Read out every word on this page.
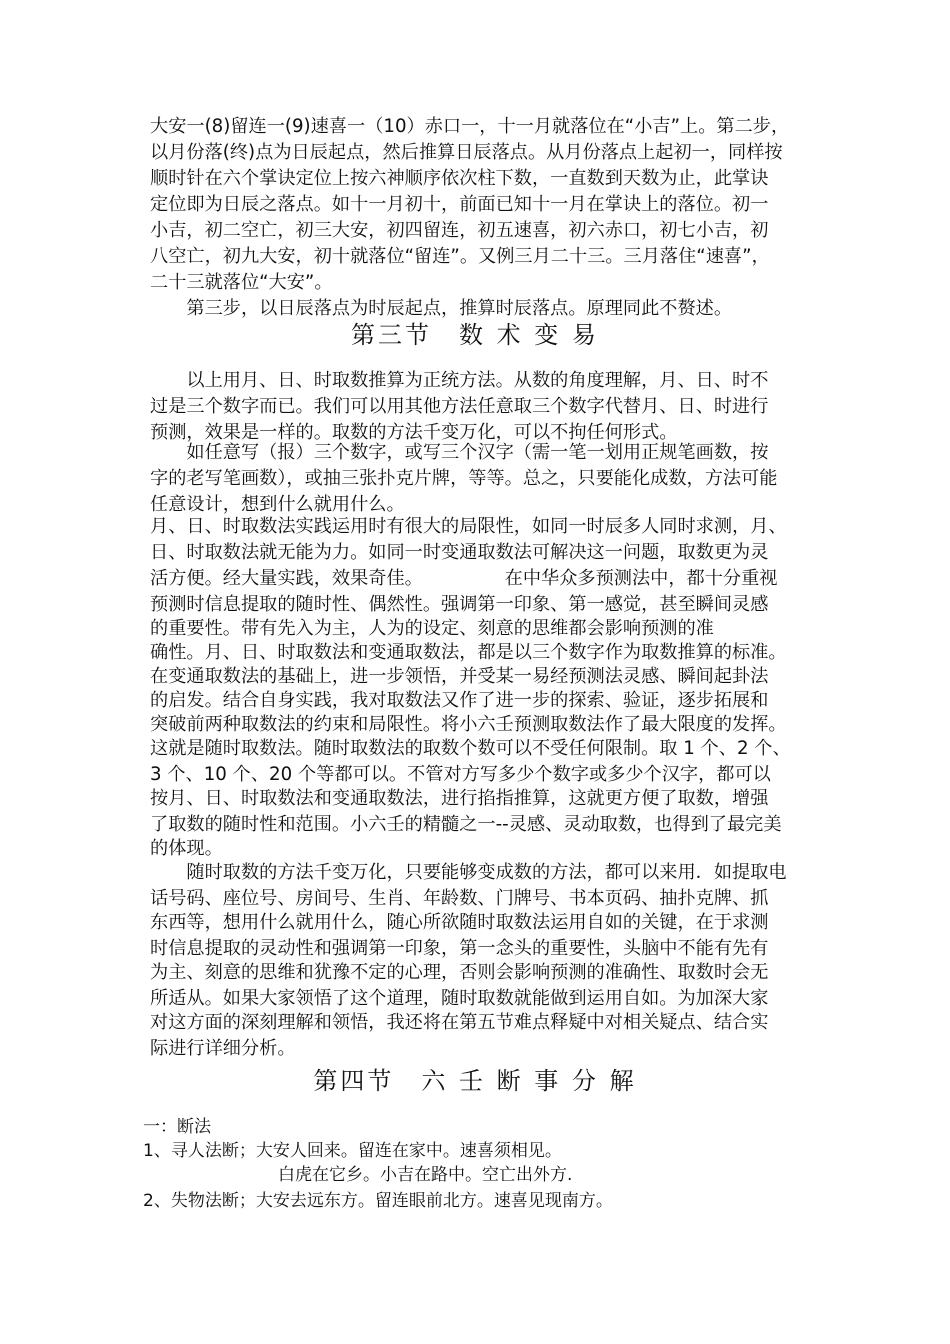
大安一(8)留连一(9)速喜一（10）赤口一，十一月就落位在“小吉”上。第二步，
以月份落(终)点为日辰起点，然后推算日辰落点。从月份落点上起初一，同样按
顺时针在六个掌诀定位上按六神顺序依次柱下数，一直数到天数为止，此掌诀
定位即为日辰之落点。如十一月初十，前面已知十一月在掌诀上的落位。初一
小吉，初二空亡，初三大安，初四留连，初五速喜，初六赤口，初七小吉，初
八空亡，初九大安，初十就落位“留连”。又例三月二十三。三月落住“速喜”，
二十三就落位“大安”。
　　第三步，以日辰落点为时辰起点，推算时辰落点。原理同此不赘述。
第三节　数 术 变 易
　　以上用月、日、时取数推算为正统方法。从数的角度理解，月、日、时不
过是三个数字而已。我们可以用其他方法任意取三个数字代替月、日、时进行
预测，效果是一样的。取数的方法千变万化，可以不拘任何形式。
　　如任意写（报）三个数字，或写三个汉字（需一笔一划用正规笔画数，按
字的老写笔画数），或抽三张扑克片牌，等等。总之，只要能化成数，方法可能
任意设计，想到什么就用什么。
月、日、时取数法实践运用时有很大的局限性，如同一时辰多人同时求测，月、
日、时取数法就无能为力。如同一时变通取数法可解决这一问题，取数更为灵
活方便。经大量实践，效果奇佳。　　　　　在中华众多预测法中，都十分重视
预测时信息提取的随时性、偶然性。强调第一印象、第一感觉，甚至瞬间灵感
的重要性。带有先入为主，人为的设定、刻意的思维都会影响预测的准
确性。月、日、时取数法和变通取数法，都是以三个数字作为取数推算的标准。
在变通取数法的基础上，进一步领悟，并受某一易经预测法灵感、瞬间起卦法
的启发。结合自身实践，我对取数法又作了进一步的探索、验证，逐步拓展和
突破前两种取数法的约束和局限性。将小六壬预测取数法作了最大限度的发挥。
这就是随时取数法。随时取数法的取数个数可以不受任何限制。取 1 个、2 个、
3 个、10 个、20 个等都可以。不管对方写多少个数字或多少个汉字，都可以
按月、日、时取数法和变通取数法，进行掐指推算，这就更方便了取数，增强
了取数的随时性和范围。小六壬的精髓之一--灵感、灵动取数，也得到了最完美
的体现。
　　随时取数的方法千变万化，只要能够变成数的方法，都可以来用．如提取电
话号码、座位号、房间号、生肖、年龄数、门牌号、书本页码、抽扑克牌、抓
东西等，想用什么就用什么，随心所欲随时取数法运用自如的关键，在于求测
时信息提取的灵动性和强调第一印象，第一念头的重要性，头脑中不能有先有
为主、刻意的思维和犹豫不定的心理，否则会影响预测的准确性、取数时会无
所适从。如果大家领悟了这个道理，随时取数就能做到运用自如。为加深大家
对这方面的深刻理解和领悟，我还将在第五节难点释疑中对相关疑点、结合实
际进行详细分析。
第四节　六 壬 断 事 分 解
一：断法
1、寻人法断；大安人回来。留连在家中。速喜须相见。
白虎在它乡。小吉在路中。空亡出外方.
2、失物法断；大安去远东方。留连眼前北方。速喜见现南方。
